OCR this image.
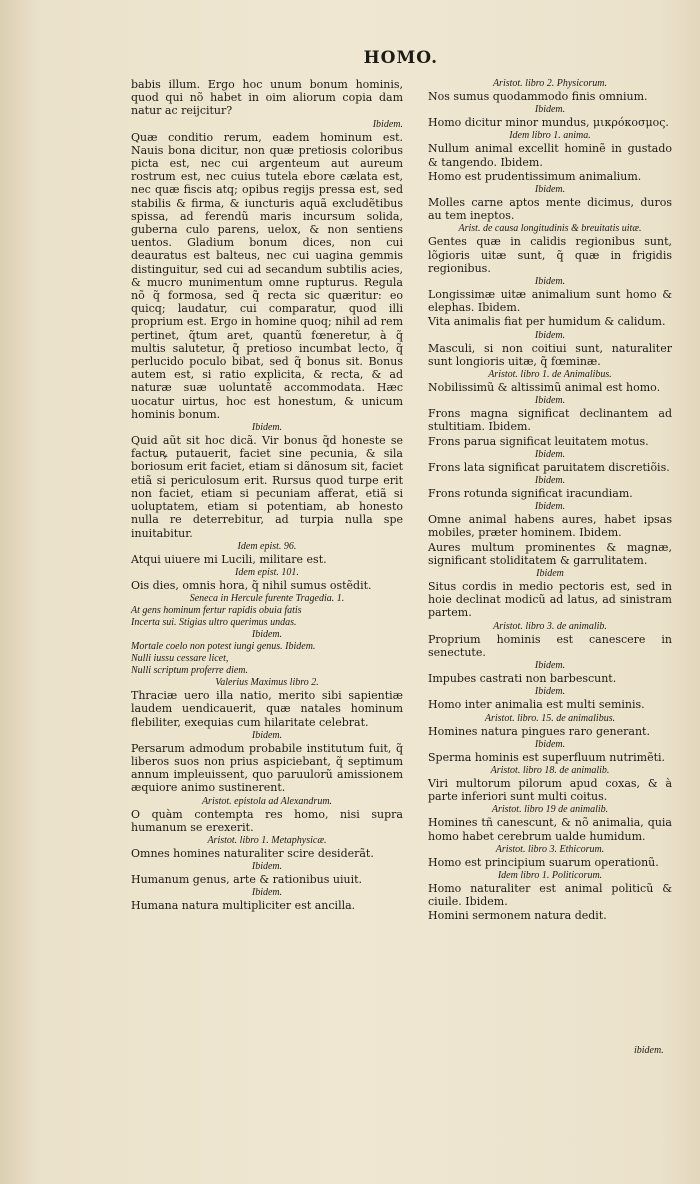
HOMO.

babis illum. Ergo hoc unum bonum hominis, quod qui nõ habet in oim aliorum copia dam natur ac reijcitur?

Ibidem.

Quæ conditio rerum, eadem hominum est. Nauis bona dicitur, non quæ pretiosis coloribus picta est, nec cui argenteum aut aureum rostrum est, nec cuius tutela ebore cælata est, nec quæ fiscis atq; opibus regijs pressa est, sed stabilis & firma, & iuncturis aquã excludẽtibus spissa, ad ferendũ maris incursum solida, guberna culo parens, uelox, & non sentiens uentos. Gladium bonum dices, non cui deauratus est balteus, nec cui uagina gemmis distinguitur, sed cui ad secandum subtilis acies, & mucro munimentum omne rupturus. Regula nõ q̃ formosa, sed q̃ recta sic quæritur: eo quicq; laudatur, cui comparatur, quod illi proprium est. Ergo in homine quoq; nihil ad rem pertinet, q̃tum aret, quantũ fœneretur, à q̃ multis salutetur, q̃ pretioso incumbat lecto, q̃ perlucido poculo bibat, sed q̃ bonus sit. Bonus autem est, si ratio explicita, & recta, & ad naturæ suæ uoluntatẽ accommodata. Hæc uocatur uirtus, hoc est honestum, & unicum hominis bonum.

Ibidem.

Quid aũt sit hoc dicã. Vir bonus q̃d honeste se factuꝶ putauerit, faciet sine pecunia, & sila boriosum erit faciet, etiam si dãnosum sit, faciet etiã si periculosum erit. Rursus quod turpe erit non faciet, etiam si pecuniam afferat, etiã si uoluptatem, etiam si potentiam, ab honesto nulla re deterrebitur, ad turpia nulla spe inuitabitur.

Idem epist. 96.

Atqui uiuere mi Lucili, militare est.

Idem epist. 101.

Ois dies, omnis hora, q̃ nihil sumus ostẽdit.

Seneca in Hercule furente Tragedia. 1.

At gens hominum fertur rapidis obuia fatis

Incerta sui. Stigias ultro querimus undas.

Ibidem.

Mortale coelo non potest iungi genus. Ibidem.

Nulli iussu cessare licet,

Nulli scriptum proferre diem.

Valerius Maximus libro 2.

Thraciæ uero illa natio, merito sibi sapientiæ laudem uendicauerit, quæ natales hominum flebiliter, exequias cum hilaritate celebrat.

Ibidem.

Persarum admodum probabile institutum fuit, q̃ liberos suos non prius aspiciebant, q̃ septimum annum impleuissent, quo paruulorũ amissionem æquiore animo sustinerent.

Aristot. epistola ad Alexandrum.

O quàm contempta res homo, nisi supra humanum se erexerit.

Aristot. libro 1. Metaphysicæ.

Omnes homines naturaliter scire desiderãt.

Ibidem.

Humanum genus, arte & rationibus uiuit.

Ibidem.

Humana natura multipliciter est ancilla.

Aristot. libro 2. Physicorum.

Nos sumus quodammodo finis omnium.

Ibidem.

Homo dicitur minor mundus, μικρόκοσμος.

Idem libro 1. anima.

Nullum animal excellit hominẽ in gustado & tangendo. Ibidem.

Homo est prudentissimum animalium.

Ibidem.

Molles carne aptos mente dicimus, duros au tem ineptos.

Arist. de causa longitudinis & breuitatis uitæ.

Gentes quæ in calidis regionibus sunt, lõgioris uitæ sunt, q̃ quæ in frigidis regionibus.

Ibidem.

Longissimæ uitæ animalium sunt homo & elephas. Ibidem.

Vita animalis fiat per humidum & calidum.

Ibidem.

Masculi, si non coitiui sunt, naturaliter sunt longioris uitæ, q̃ fœminæ.

Aristot. libro 1. de Animalibus.

Nobilissimũ & altissimũ animal est homo.

Ibidem.

Frons magna significat declinantem ad stultitiam. Ibidem.

Frons parua significat leuitatem motus.

Ibidem.

Frons lata significat paruitatem discretiõis.

Ibidem.

Frons rotunda significat iracundiam.

Ibidem.

Omne animal habens aures, habet ipsas mobiles, præter hominem. Ibidem.

Aures multum prominentes & magnæ, significant stoliditatem & garrulitatem.

Ibidem

Situs cordis in medio pectoris est, sed in hoie declinat modicũ ad latus, ad sinistram partem.

Aristot. libro 3. de animalib.

Proprium hominis est canescere in senectute.

Ibidem.

Impubes castrati non barbescunt.

Ibidem.

Homo inter animalia est multi seminis.

Aristot. libro. 15. de animalibus.

Homines natura pingues raro generant.

Ibidem.

Sperma hominis est superfluum nutrimẽti.

Aristot. libro 18. de animalib.

Viri multorum pilorum apud coxas, & à parte inferiori sunt multi coitus.

Aristot. libro 19 de animalib.

Homines tñ canescunt, & nõ animalia, quia homo habet cerebrum ualde humidum.

Aristot. libro 3. Ethicorum.

Homo est principium suarum operationũ.

Idem libro 1. Politicorum.

Homo naturaliter est animal politicũ & ciuile. Ibidem.

Homini sermonem natura dedit.

ibidem.
